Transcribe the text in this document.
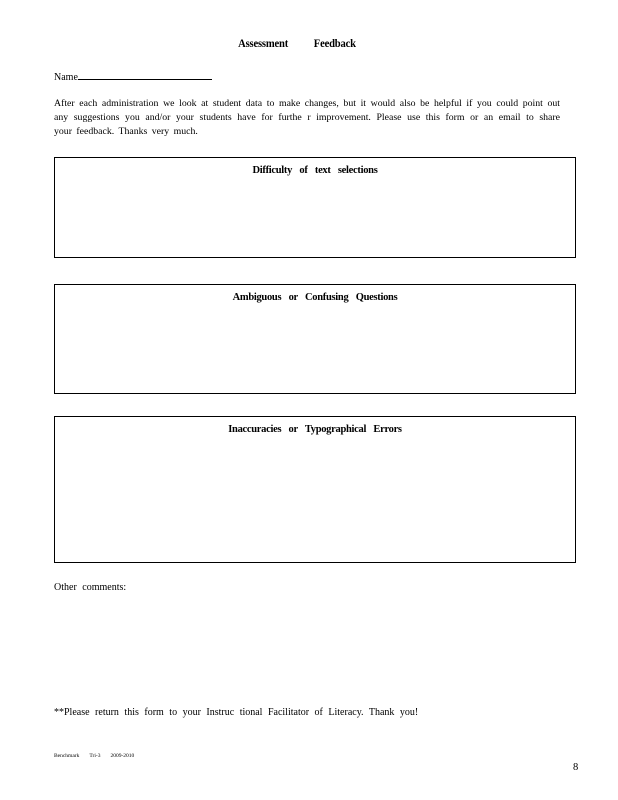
Assessment Feedback
Name
After each administration we look at student data to make changes, but it would also be helpful if you could point out any suggestions you and/or your students have for furthe r improvement. Please use this form or an email to share your feedback. Thanks very much.
Difficulty of text selections
Ambiguous or Confusing Questions
Inaccuracies or Typographical Errors
Other comments:
**Please return this form to your Instruc tional Facilitator of Literacy. Thank you!
Benchmark Tri-3 2009-2010
8
